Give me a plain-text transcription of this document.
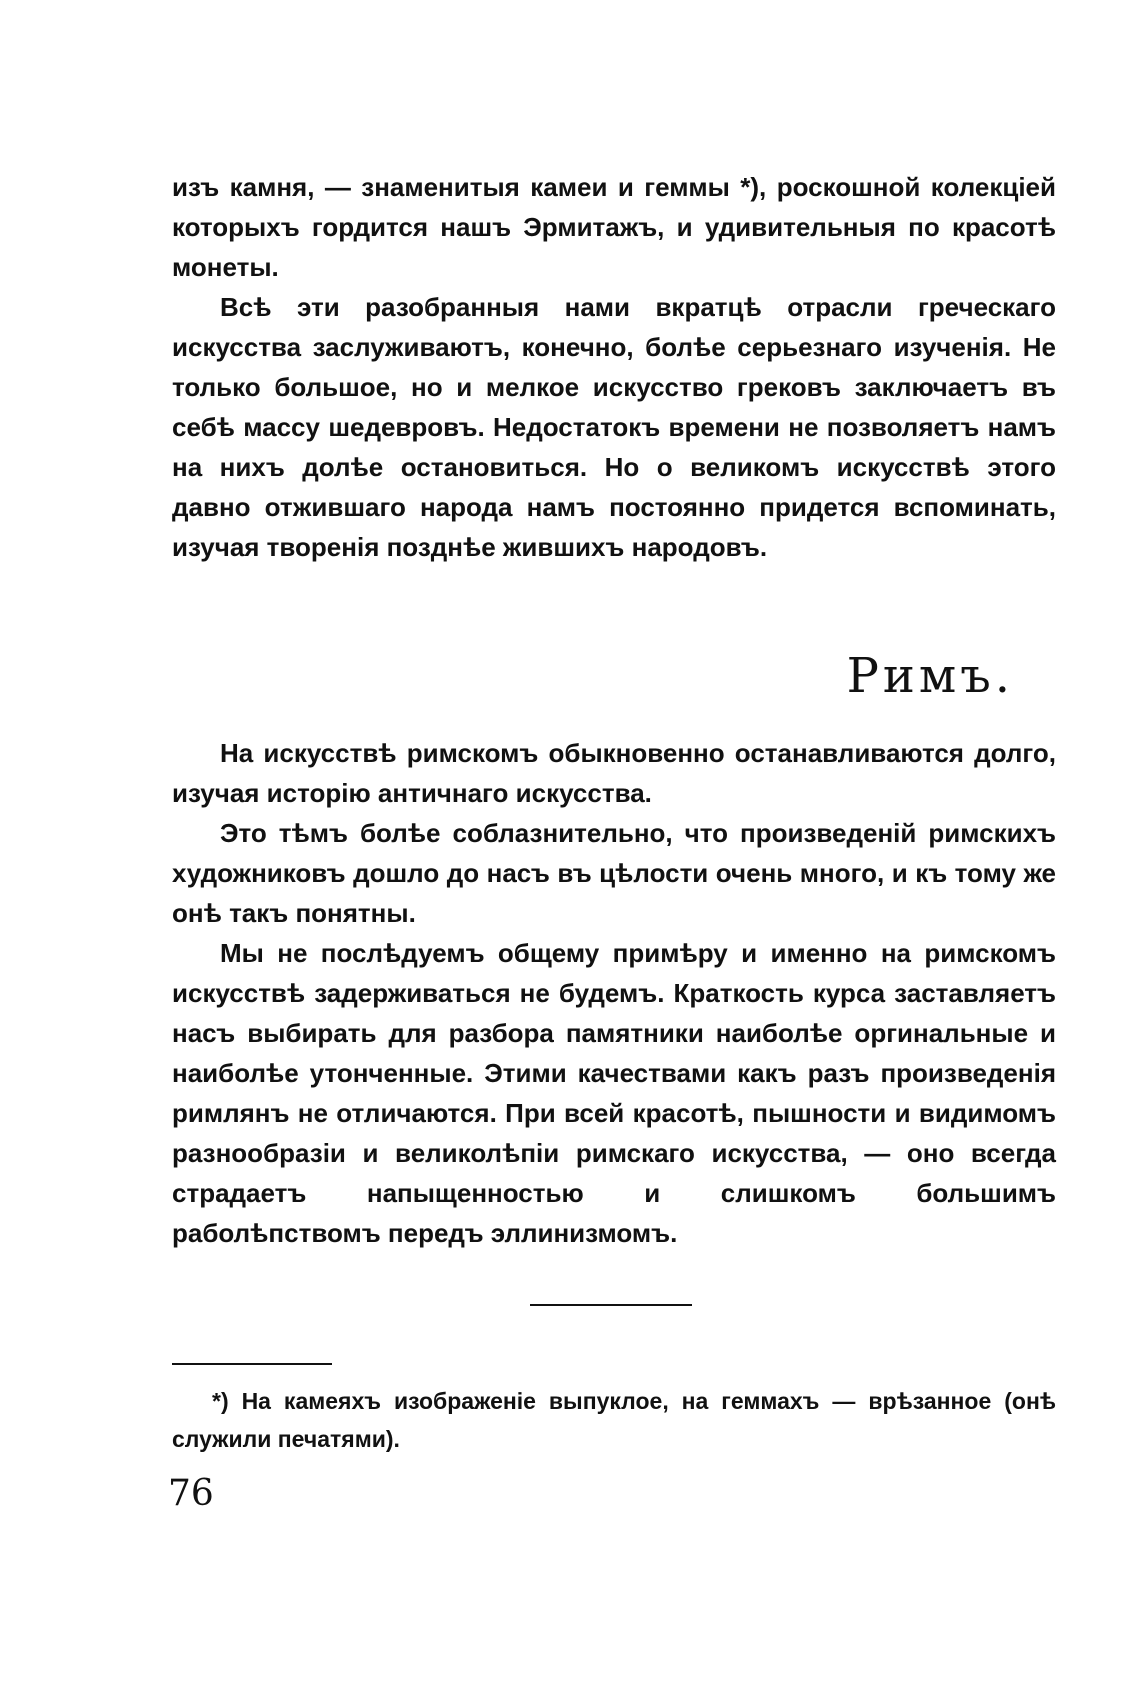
изъ камня, — знаменитыя камеи и геммы *), роскошной колекціей которыхъ гордится нашъ Эрмитажъ, и удивительныя по красотѣ монеты.

Всѣ эти разобранныя нами вкратцѣ отрасли греческаго искусства заслуживаютъ, конечно, болѣе серьезнаго изученія. Не только большое, но и мелкое искусство грековъ заключаетъ въ себѣ массу шедевровъ. Недостатокъ времени не позволяетъ намъ на нихъ долѣе остановиться. Но о великомъ искусствѣ этого давно отжившаго народа намъ постоянно придется вспоминать, изучая творенія позднѣе жившихъ народовъ.

Римъ.

На искусствѣ римскомъ обыкновенно останавливаются долго, изучая исторію античнаго искусства.

Это тѣмъ болѣе соблазнительно, что произведеній римскихъ художниковъ дошло до насъ въ цѣлости очень много, и къ тому же онѣ такъ понятны.

Мы не послѣдуемъ общему примѣру и именно на римскомъ искусствѣ задерживаться не будемъ. Краткость курса заставляетъ насъ выбирать для разбора памятники наиболѣе оргинальные и наиболѣе утонченные. Этими качествами какъ разъ произведенія римлянъ не отличаются. При всей красотѣ, пышности и видимомъ разнообразіи и великолѣпіи римскаго искусства, — оно всегда страдаетъ напыщенностью и слишкомъ большимъ раболѣпствомъ передъ эллинизмомъ.

*) На камеяхъ изображеніе выпуклое, на геммахъ — врѣзанное (онѣ служили печатями).

76
